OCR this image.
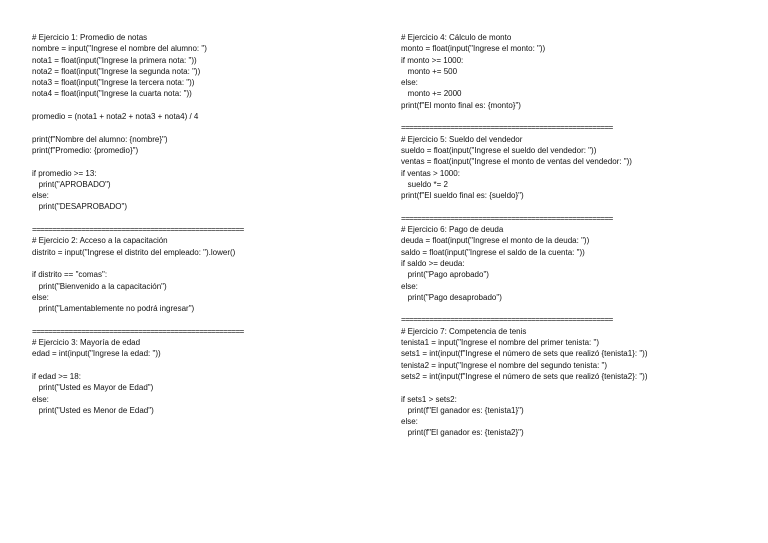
# Ejercicio 1: Promedio de notas
nombre = input("Ingrese el nombre del alumno: ")
nota1 = float(input("Ingrese la primera nota: "))
nota2 = float(input("Ingrese la segunda nota: "))
nota3 = float(input("Ingrese la tercera nota: "))
nota4 = float(input("Ingrese la cuarta nota: "))
promedio = (nota1 + nota2 + nota3 + nota4) / 4
print(f"Nombre del alumno: {nombre}")
print(f"Promedio: {promedio}")
if promedio >= 13:
print("APROBADO")
else:
print("DESAPROBADO")
====================================================
# Ejercicio 2: Acceso a la capacitación
distrito = input("Ingrese el distrito del empleado: ").lower()
if distrito == "comas":
print("Bienvenido a la capacitación")
else:
print("Lamentablemente no podrá ingresar")
====================================================
# Ejercicio 3: Mayoría de edad
edad = int(input("Ingrese la edad: "))
if edad >= 18:
print("Usted es Mayor de Edad")
else:
print("Usted es Menor de Edad")
# Ejercicio 4: Cálculo de monto
monto = float(input("Ingrese el monto: "))
if monto >= 1000:
monto += 500
else:
monto += 2000
print(f"El monto final es: {monto}")
====================================================
# Ejercicio 5: Sueldo del vendedor
sueldo = float(input("Ingrese el sueldo del vendedor: "))
ventas = float(input("Ingrese el monto de ventas del vendedor: "))
if ventas > 1000:
sueldo *= 2
print(f"El sueldo final es: {sueldo}")
====================================================
# Ejercicio 6: Pago de deuda
deuda = float(input("Ingrese el monto de la deuda: "))
saldo = float(input("Ingrese el saldo de la cuenta: "))
if saldo >= deuda:
print("Pago aprobado")
else:
print("Pago desaprobado")
====================================================
# Ejercicio 7: Competencia de tenis
tenista1 = input("Ingrese el nombre del primer tenista: ")
sets1 = int(input(f"Ingrese el número de sets que realizó {tenista1}: "))
tenista2 = input("Ingrese el nombre del segundo tenista: ")
sets2 = int(input(f"Ingrese el número de sets que realizó {tenista2}: "))
if sets1 > sets2:
print(f"El ganador es: {tenista1}")
else:
print(f"El ganador es: {tenista2}")
